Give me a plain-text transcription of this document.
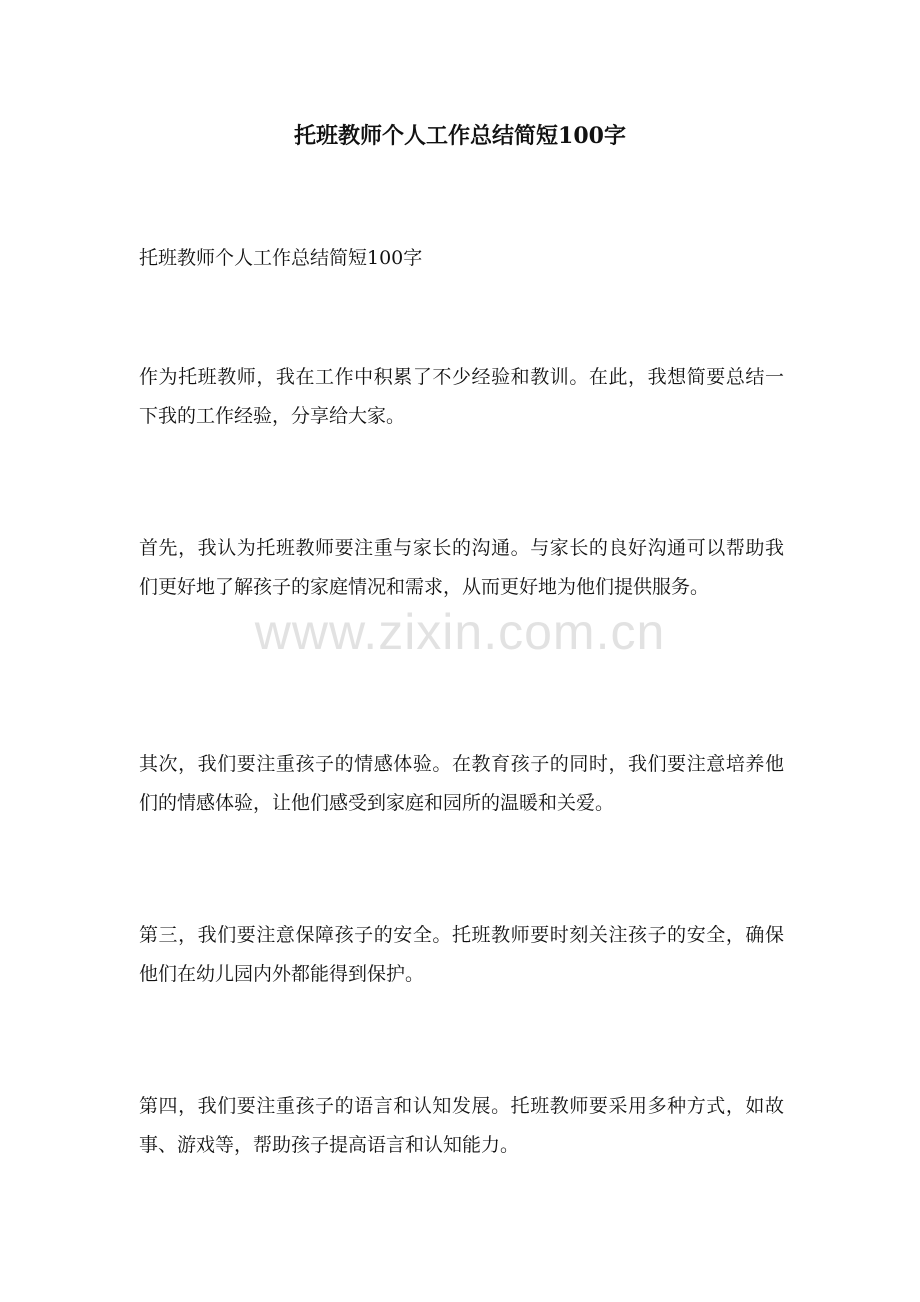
托班教师个人工作总结简短100字

托班教师个人工作总结简短100字

作为托班教师，我在工作中积累了不少经验和教训。在此，我想简要总结一下我的工作经验，分享给大家。

首先，我认为托班教师要注重与家长的沟通。与家长的良好沟通可以帮助我们更好地了解孩子的家庭情况和需求，从而更好地为他们提供服务。

其次，我们要注重孩子的情感体验。在教育孩子的同时，我们要注意培养他们的情感体验，让他们感受到家庭和园所的温暖和关爱。

第三，我们要注意保障孩子的安全。托班教师要时刻关注孩子的安全，确保他们在幼儿园内外都能得到保护。

第四，我们要注重孩子的语言和认知发展。托班教师要采用多种方式，如故事、游戏等，帮助孩子提高语言和认知能力。

www.zixin.com.cn
